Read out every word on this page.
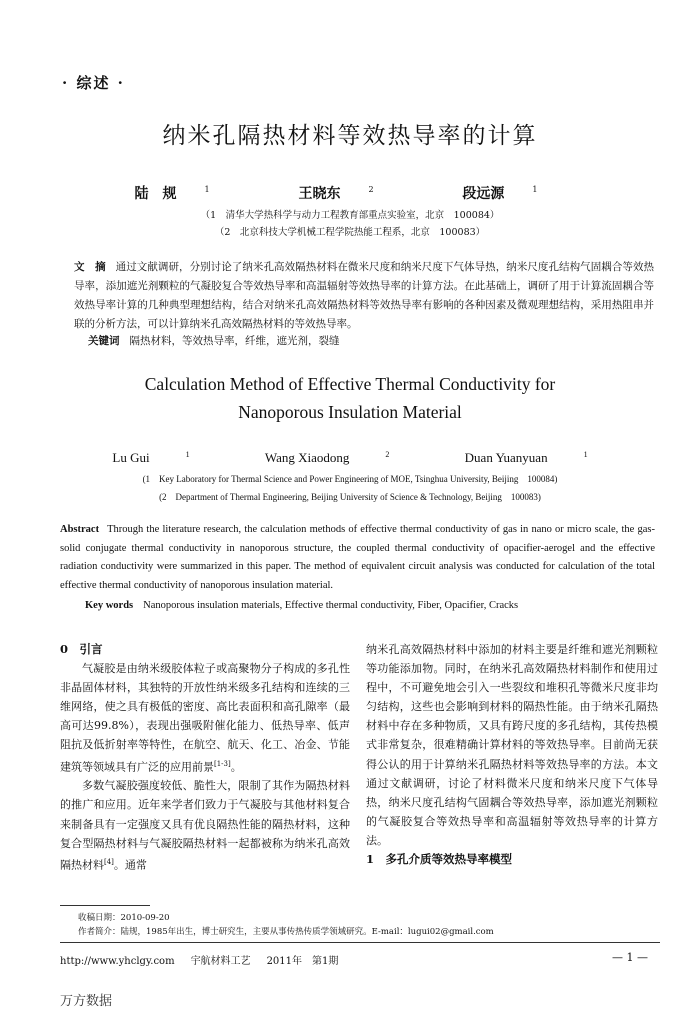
· 综述 ·
纳米孔隔热材料等效热导率的计算
陆　规	$^1$	王晓东	$^2$	段远源	$^1$
（1　清华大学热科学与动力工程教育部重点实验室，北京　100084）
（2　北京科技大学机械工程学院热能工程系，北京　100083）
文　摘 通过文献调研，分别讨论了纳米孔高效隔热材料在微米尺度和纳米尺度下气体导热，纳米尺度孔结构气固耦合等效热导率，添加遮光剂颗粒的气凝胶复合等效热导率和高温辐射等效热导率的计算方法。在此基础上，调研了用于计算流固耦合等效热导率计算的几种典型理想结构，结合对纳米孔高效隔热材料等效热导率有影响的各种因素及微观理想结构，采用热阻串并联的分析方法，可以计算纳米孔高效隔热材料的等效热导率。
关键词 隔热材料，等效热导率，纤维，遮光剂，裂缝
Calculation Method of Effective Thermal Conductivity for
Nanoporous Insulation Material
Lu Gui	$^1$	Wang Xiaodong	$^2$	Duan Yuanyuan	$^1$
(1　Key Laboratory for Thermal Science and Power Engineering of MOE, Tsinghua University, Beijing　100084)
(2　Department of Thermal Engineering, Beijing University of Science & Technology, Beijing　100083)
Abstract Through the literature research, the calculation methods of effective thermal conductivity of gas in nano or micro scale, the gas-solid conjugate thermal conductivity in nanoporous structure, the coupled thermal conductivity of opacifier-aerogel and the effective radiation conductivity were summarized in this paper. The method of equivalent circuit analysis was conducted for calculation of the total effective thermal conductivity of nanoporous insulation material.
Key words Nanoporous insulation materials, Effective thermal conductivity, Fiber, Opacifier, Cracks
0　引言

气凝胶是由纳米级胶体粒子或高聚物分子构成的多孔性非晶固体材料，其独特的开放性纳米级多孔结构和连续的三维网络，使之具有极低的密度、高比表面积和高孔隙率（最高可达99.8%），表现出强吸附催化能力、低热导率、低声阻抗及低折射率等特性，在航空、航天、化工、冶金、节能建筑等领域具有广泛的应用前景[1-3]。

多数气凝胶强度较低、脆性大，限制了其作为隔热材料的推广和应用。近年来学者们致力于气凝胶与其他材料复合来制备具有一定强度又具有优良隔热性能的隔热材料，这种复合型隔热材料与气凝胶隔热材料一起都被称为纳米孔高效隔热材料[4]。通常

纳米孔高效隔热材料中添加的材料主要是纤维和遮光剂颗粒等功能添加物。同时，在纳米孔高效隔热材料制作和使用过程中，不可避免地会引入一些裂纹和堆积孔等微米尺度非均匀结构，这些也会影响到材料的隔热性能。由于纳米孔隔热材料中存在多种物质，又具有跨尺度的多孔结构，其传热模式非常复杂，很难精确计算材料的等效热导率。目前尚无获得公认的用于计算纳米孔隔热材料等效热导率的方法。本文通过文献调研，讨论了材料微米尺度和纳米尺度下气体导热，纳米尺度孔结构气固耦合等效热导率，添加遮光剂颗粒的气凝胶复合等效热导率和高温辐射等效热导率的计算方法。

1　多孔介质等效热导率模型
收稿日期：2010-09-20
作者简介：陆规，1985年出生，博士研究生，主要从事传热传质学领域研究。E-mail：lugui02@gmail.com
http://www.yhclgy.com 宇航材料工艺 2011年　第1期	— 1 —
万方数据
